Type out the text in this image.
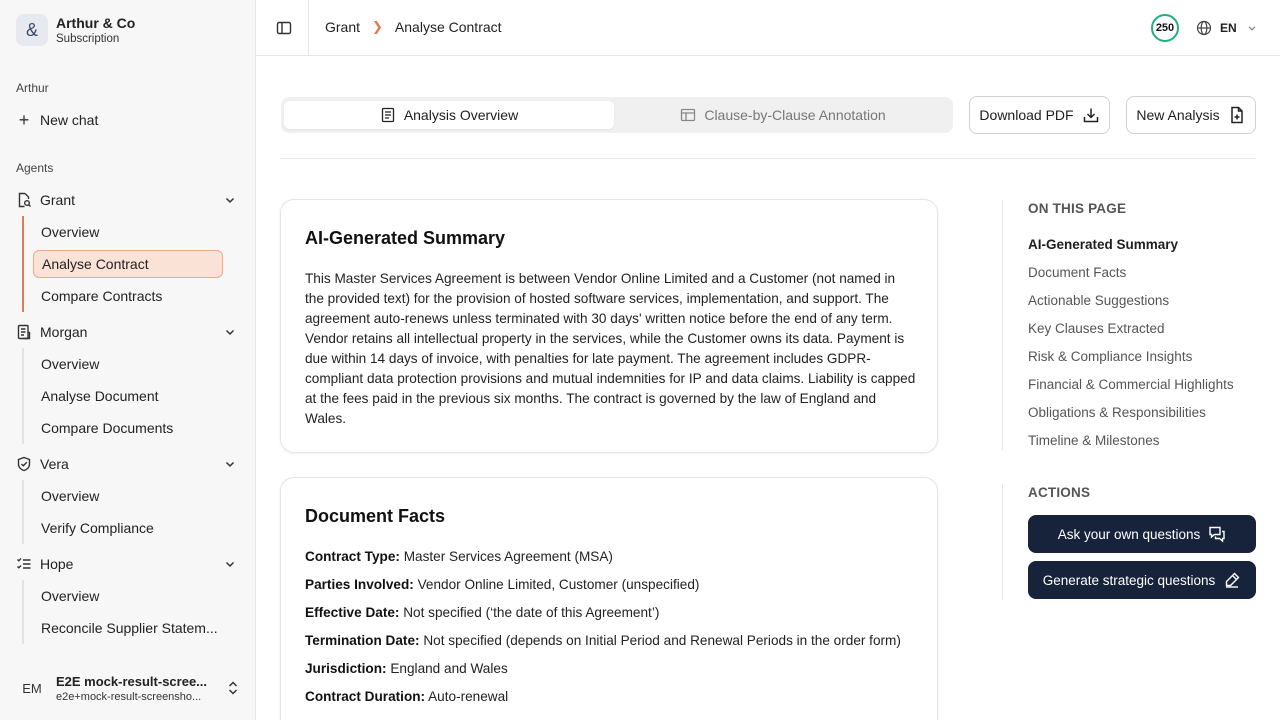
&	Arthur & Co
Subscription
Arthur
+ New chat
Agents
Grant
Overview
Analyse Contract
Compare Contracts
Morgan
Overview
Analyse Document
Compare Documents
Vera
Overview
Verify Compliance
Hope
Overview
Reconcile Supplier Statem...
EM	E2E mock-result-scree...
e2e+mock-result-screensho...
Grant ❯ Analyse Contract	250	EN
Analysis Overview	Clause-by-Clause Annotation	Download PDF	New Analysis
AI-Generated Summary

This Master Services Agreement is between Vendor Online Limited and a Customer (not named in the provided text) for the provision of hosted software services, implementation, and support. The agreement auto-renews unless terminated with 30 days' written notice before the end of any term. Vendor retains all intellectual property in the services, while the Customer owns its data. Payment is due within 14 days of invoice, with penalties for late payment. The agreement includes GDPR-compliant data protection provisions and mutual indemnities for IP and data claims. Liability is capped at the fees paid in the previous six months. The contract is governed by the law of England and Wales.

Document Facts
Contract Type: Master Services Agreement (MSA)
Parties Involved: Vendor Online Limited, Customer (unspecified)
Effective Date: Not specified (‘the date of this Agreement’)
Termination Date: Not specified (depends on Initial Period and Renewal Periods in the order form)
Jurisdiction: England and Wales
Contract Duration: Auto-renewal
ON THIS PAGE
AI-Generated Summary
Document Facts
Actionable Suggestions
Key Clauses Extracted
Risk & Compliance Insights
Financial & Commercial Highlights
Obligations & Responsibilities
Timeline & Milestones
ACTIONS
Ask your own questions
Generate strategic questions
